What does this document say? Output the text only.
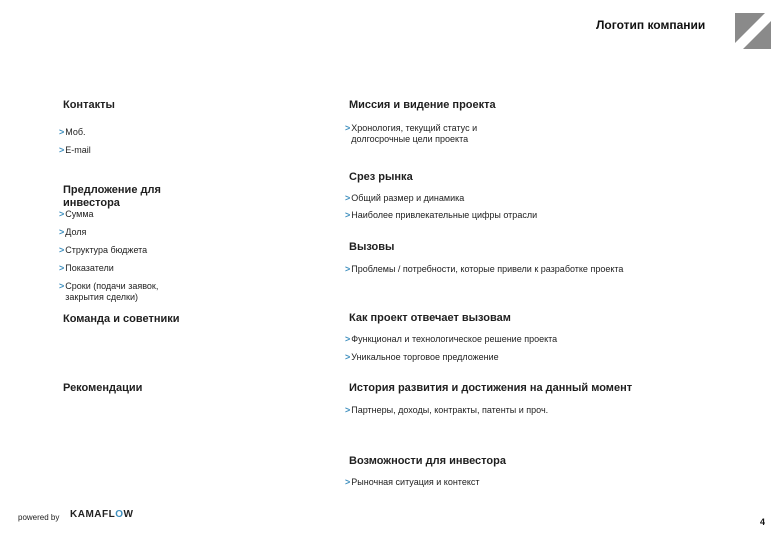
Логотип компании
Контакты
> Моб.
> E-mail

Предложение для
инвестора

> Сумма
> Доля
> Структура бюджета
> Показатели
> Сроки (подачи заявок,
закрытия сделки)
Команда и советники
Рекомендации
Миссия и видение проекта
> Хронология, текущий статус и
долгосрочные цели проекта
Срез рынка
> Общий размер и динамика
> Наиболее привлекательные цифры отрасли
Вызовы
> Проблемы / потребности, которые привели к разработке проекта
Как проект отвечает вызовам
> Функционал и технологическое решение проекта
> Уникальное торговое предложение
История развития и достижения на данный момент
> Партнеры, доходы, контракты, патенты и проч.
Возможности для инвестора
> Рыночная ситуация и контекст
powered by KAMAFLOW
4
